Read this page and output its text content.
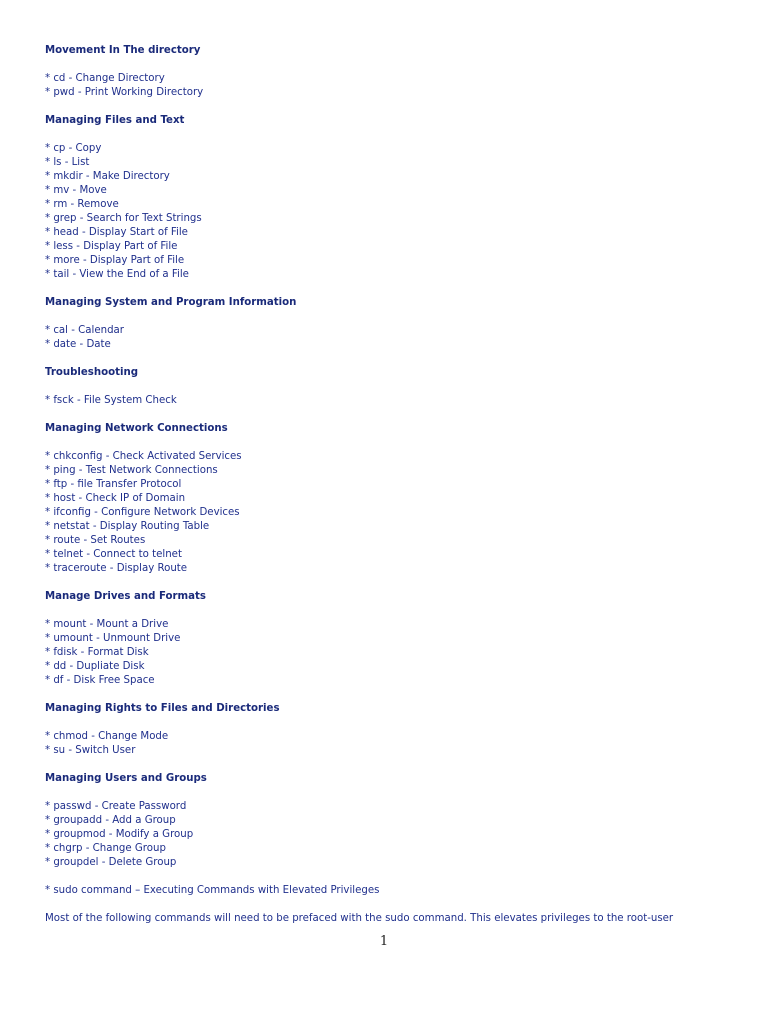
Movement In The directory
* cd - Change Directory
* pwd - Print Working Directory
Managing Files and Text
* cp - Copy
* ls - List
* mkdir - Make Directory
* mv - Move
* rm - Remove
* grep - Search for Text Strings
* head - Display Start of File
* less - Display Part of File
* more - Display Part of File
* tail - View the End of a File
Managing System and Program Information
* cal - Calendar
* date - Date
Troubleshooting
* fsck - File System Check
Managing Network Connections
* chkconfig - Check Activated Services
* ping - Test Network Connections
* ftp - file Transfer Protocol
* host - Check IP of Domain
* ifconfig - Configure Network Devices
* netstat - Display Routing Table
* route - Set Routes
* telnet - Connect to telnet
* traceroute - Display Route
Manage Drives and Formats
* mount - Mount a Drive
* umount - Unmount Drive
* fdisk - Format Disk
* dd - Dupliate Disk
* df - Disk Free Space
Managing Rights to Files and Directories
* chmod - Change Mode
* su - Switch User
Managing Users and Groups
* passwd - Create Password
* groupadd - Add a Group
* groupmod - Modify a Group
* chgrp - Change Group
* groupdel - Delete Group
* sudo command – Executing Commands with Elevated Privileges
Most of the following commands will need to be prefaced with the sudo command. This elevates privileges to the root-user
1
